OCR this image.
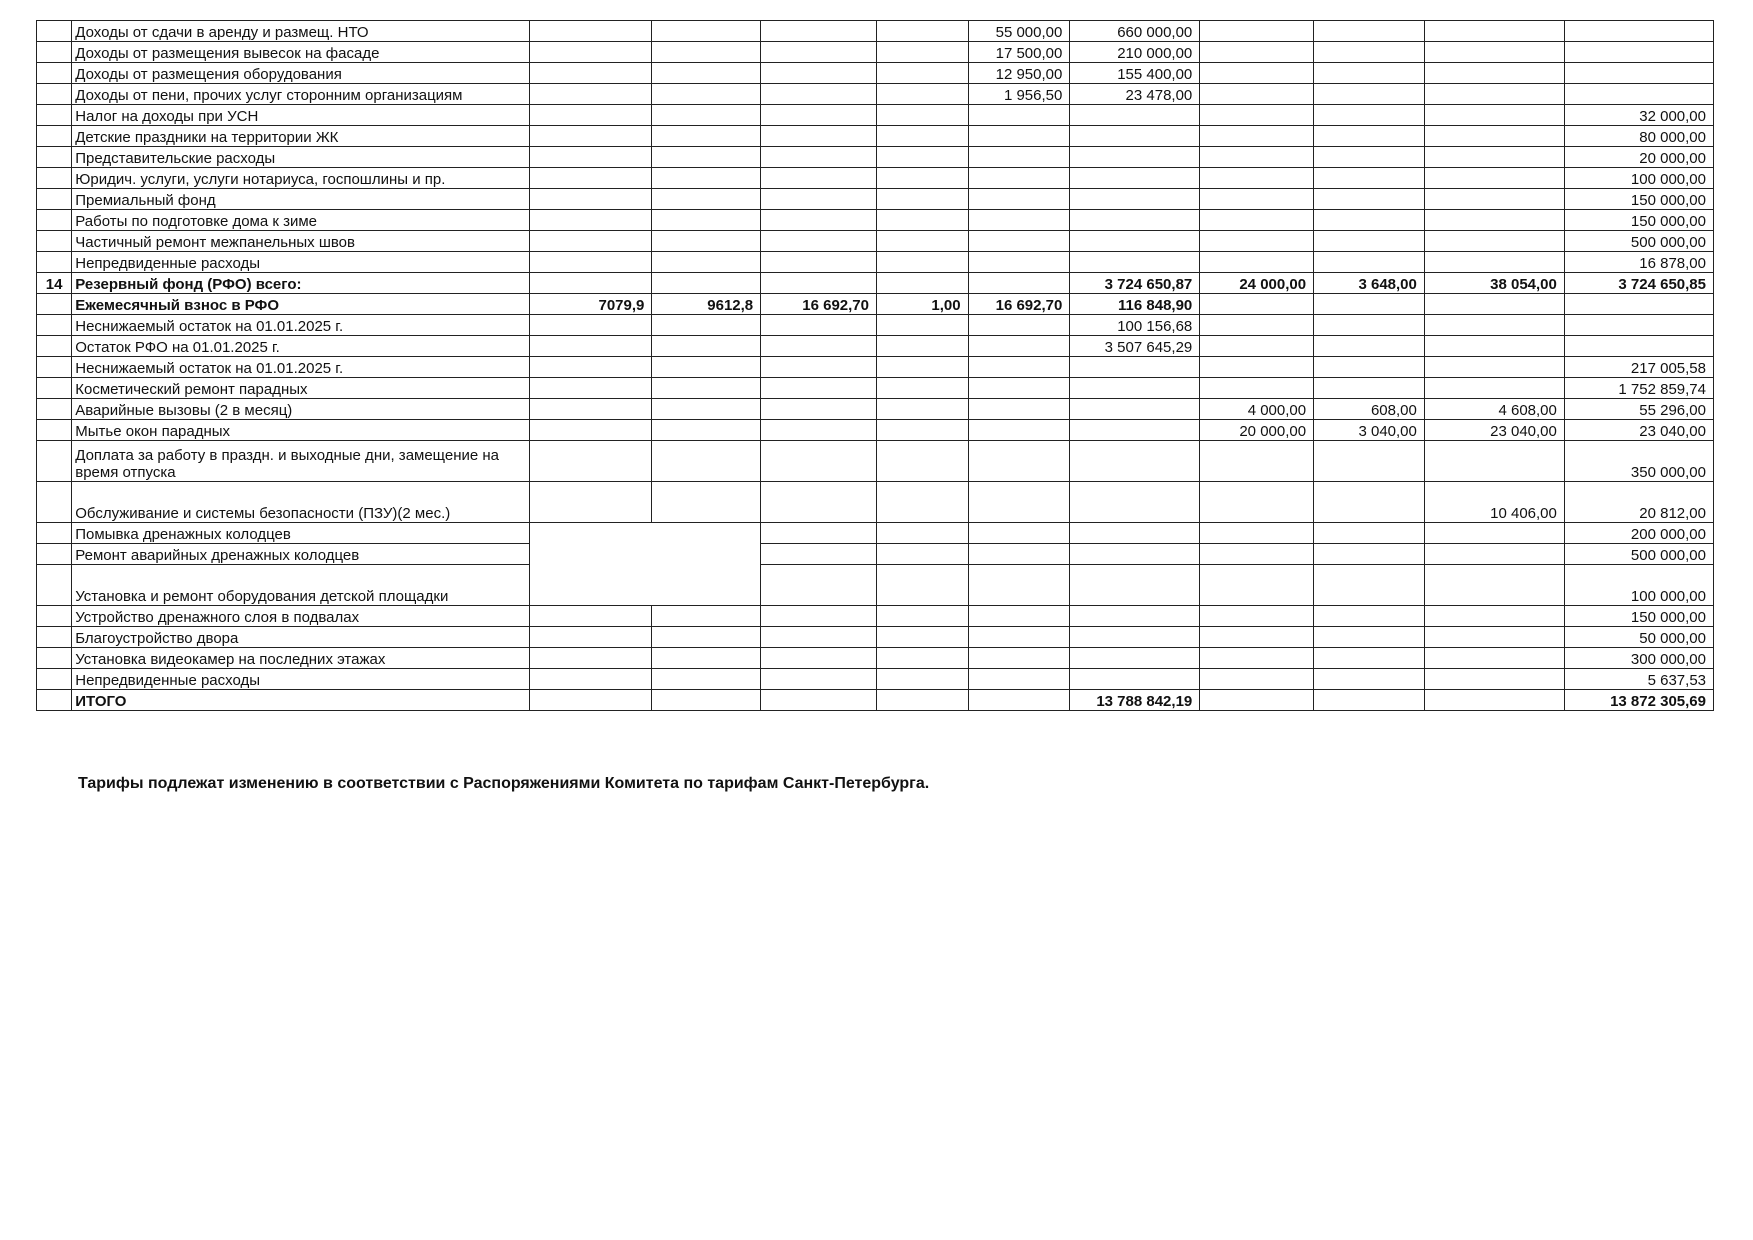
	Доходы от сдачи в аренду и размещ. НТО					55 000,00	660 000,00				
	Доходы от размещения вывесок на фасаде					17 500,00	210 000,00				
	Доходы от размещения оборудования					12 950,00	155 400,00				
	Доходы от пени, прочих услуг сторонним организациям					1 956,50	23 478,00				
	Налог на доходы при УСН										32 000,00
	Детские праздники на территории ЖК										80 000,00
	Представительские расходы										20 000,00
	Юридич. услуги, услуги нотариуса, госпошлины и пр.										100 000,00
	Премиальный фонд										150 000,00
	Работы по подготовке дома к зиме										150 000,00
	Частичный ремонт межпанельных швов										500 000,00
	Непредвиденные расходы										16 878,00
14	Резервный фонд (РФО) всего:						3 724 650,87	24 000,00	3 648,00	38 054,00	3 724 650,85
	Ежемесячный взнос в РФО	7079,9	9612,8	16 692,70	1,00	16 692,70	116 848,90				
	Неснижаемый остаток на 01.01.2025 г.						100 156,68				
	Остаток РФО на 01.01.2025 г.						3 507 645,29				
	Неснижаемый остаток на 01.01.2025 г.										217 005,58
	Косметический ремонт парадных										1 752 859,74
	Аварийные вызовы (2 в месяц)							4 000,00	608,00	4 608,00	55 296,00
	Мытье окон парадных							20 000,00	3 040,00	23 040,00	23 040,00
	Доплата за работу в праздн. и выходные дни, замещение на время отпуска										350 000,00
	Обслуживание и системы безопасности (ПЗУ)(2 мес.)									10 406,00	20 812,00
	Помывка дренажных колодцев										200 000,00
	Ремонт аварийных дренажных колодцев										500 000,00
	Установка и ремонт оборудования детской площадки										100 000,00
	Устройство дренажного слоя в подвалах										150 000,00
	Благоустройство двора										50 000,00
	Установка видеокамер на последних этажах										300 000,00
	Непредвиденные расходы										5 637,53
	ИТОГО						13 788 842,19				13 872 305,69
Тарифы подлежат изменению в соответствии с Распоряжениями Комитета по тарифам Санкт-Петербурга.
